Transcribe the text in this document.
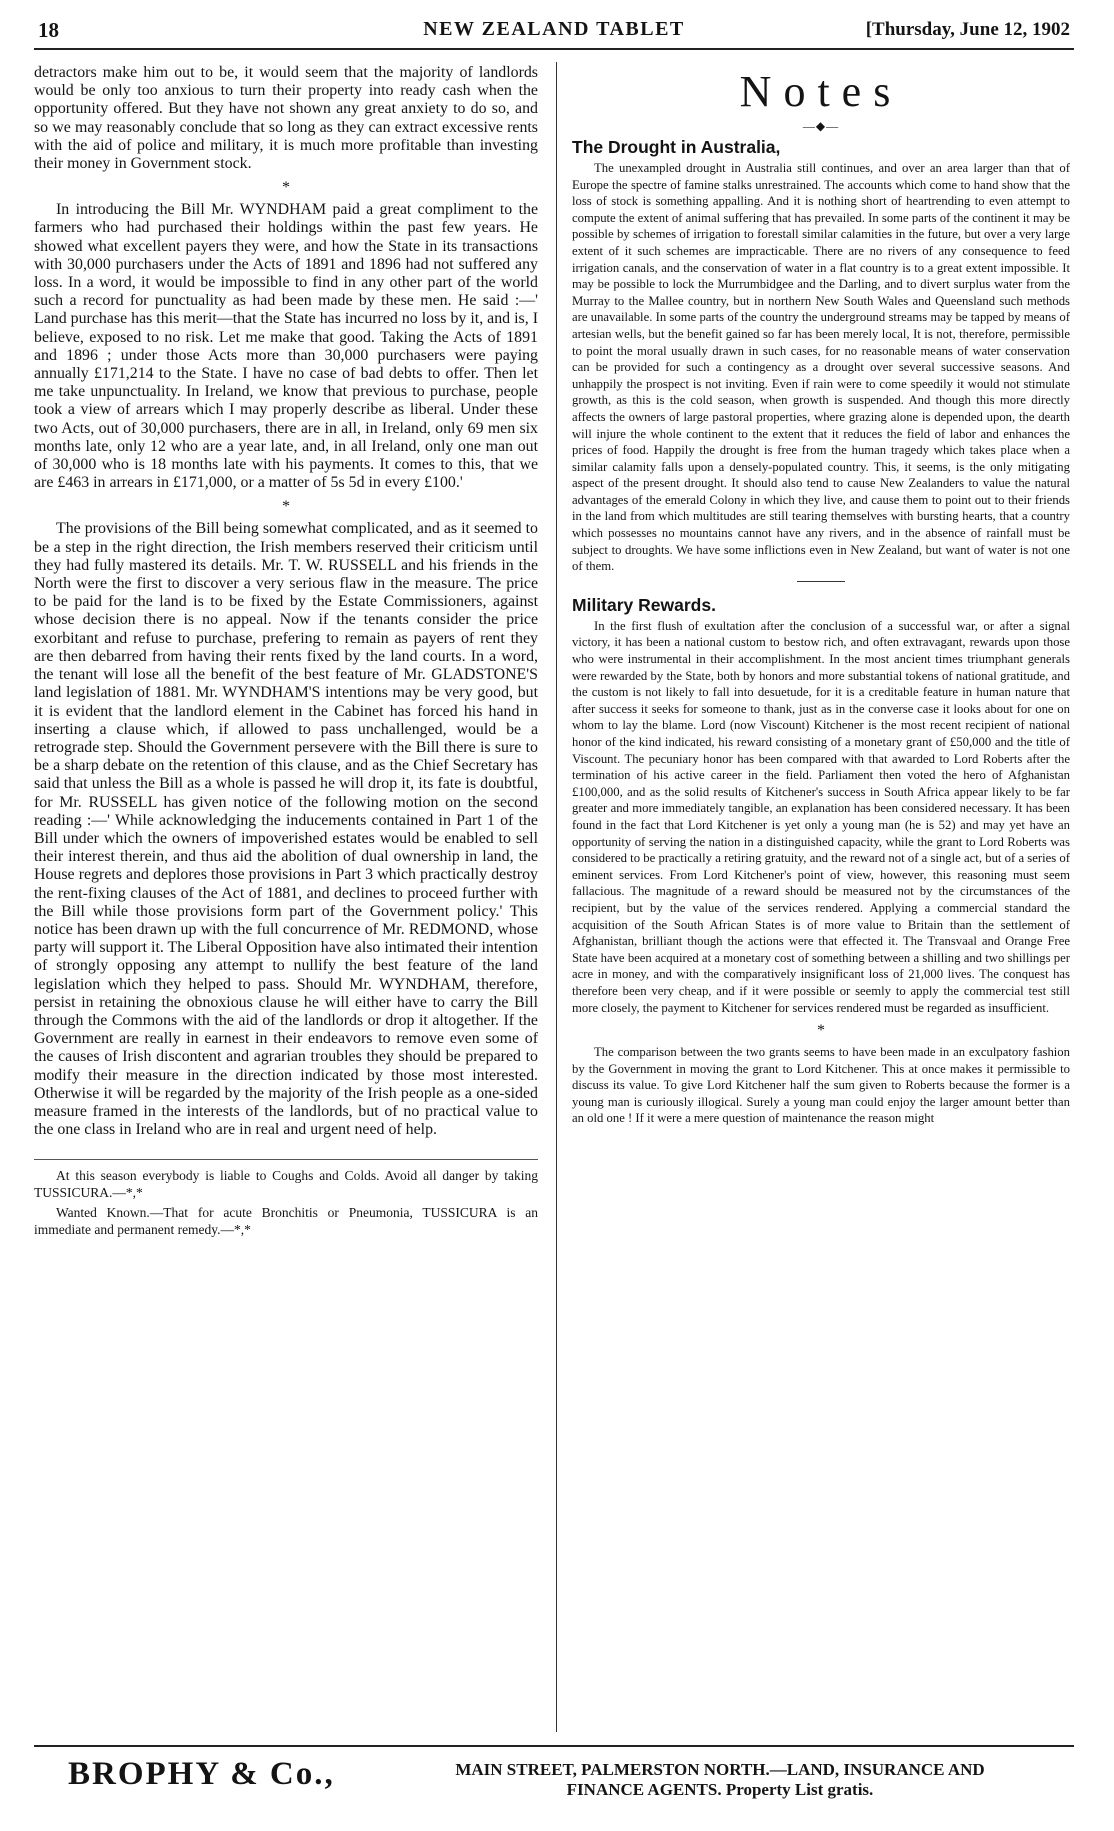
18	NEW ZEALAND TABLET	[Thursday, June 12, 1902

detractors make him out to be, it would seem that the majority of landlords would be only too anxious to turn their property into ready cash when the opportunity offered. But they have not shown any great anxiety to do so, and so we may reasonably conclude that so long as they can extract excessive rents with the aid of police and military, it is much more profitable than investing their money in Government stock.

*

In introducing the Bill Mr. WYNDHAM paid a great compliment to the farmers who had purchased their holdings within the past few years. He showed what excellent payers they were, and how the State in its transactions with 30,000 purchasers under the Acts of 1891 and 1896 had not suffered any loss. In a word, it would be impossible to find in any other part of the world such a record for punctuality as had been made by these men. He said :—' Land purchase has this merit—that the State has incurred no loss by it, and is, I believe, exposed to no risk. Let me make that good. Taking the Acts of 1891 and 1896 ; under those Acts more than 30,000 purchasers were paying annually £171,214 to the State. I have no case of bad debts to offer. Then let me take unpunctuality. In Ireland, we know that previous to purchase, people took a view of arrears which I may properly describe as liberal. Under these two Acts, out of 30,000 purchasers, there are in all, in Ireland, only 69 men six months late, only 12 who are a year late, and, in all Ireland, only one man out of 30,000 who is 18 months late with his payments. It comes to this, that we are £463 in arrears in £171,000, or a matter of 5s 5d in every £100.'

*

The provisions of the Bill being somewhat complicated, and as it seemed to be a step in the right direction, the Irish members reserved their criticism until they had fully mastered its details. Mr. T. W. RUSSELL and his friends in the North were the first to discover a very serious flaw in the measure. The price to be paid for the land is to be fixed by the Estate Commissioners, against whose decision there is no appeal. Now if the tenants consider the price exorbitant and refuse to purchase, prefering to remain as payers of rent they are then debarred from having their rents fixed by the land courts. In a word, the tenant will lose all the benefit of the best feature of Mr. GLADSTONE'S land legislation of 1881. Mr. WYNDHAM'S intentions may be very good, but it is evident that the landlord element in the Cabinet has forced his hand in inserting a clause which, if allowed to pass unchallenged, would be a retrograde step. Should the Government persevere with the Bill there is sure to be a sharp debate on the retention of this clause, and as the Chief Secretary has said that unless the Bill as a whole is passed he will drop it, its fate is doubtful, for Mr. RUSSELL has given notice of the following motion on the second reading :—' While acknowledging the inducements contained in Part 1 of the Bill under which the owners of impoverished estates would be enabled to sell their interest therein, and thus aid the abolition of dual ownership in land, the House regrets and deplores those provisions in Part 3 which practically destroy the rent-fixing clauses of the Act of 1881, and declines to proceed further with the Bill while those provisions form part of the Government policy.' This notice has been drawn up with the full concurrence of Mr. REDMOND, whose party will support it. The Liberal Opposition have also intimated their intention of strongly opposing any attempt to nullify the best feature of the land legislation which they helped to pass. Should Mr. WYNDHAM, therefore, persist in retaining the obnoxious clause he will either have to carry the Bill through the Commons with the aid of the landlords or drop it altogether. If the Government are really in earnest in their endeavors to remove even some of the causes of Irish discontent and agrarian troubles they should be prepared to modify their measure in the direction indicated by those most interested. Otherwise it will be regarded by the majority of the Irish people as a one-sided measure framed in the interests of the landlords, but of no practical value to the one class in Ireland who are in real and urgent need of help.

At this season everybody is liable to Coughs and Colds. Avoid all danger by taking TUSSICURA.—*,*

Wanted Known.—That for acute Bronchitis or Pneumonia, TUSSICURA is an immediate and permanent remedy.—*,*

Notes
—◆—
The Drought in Australia,

The unexampled drought in Australia still continues, and over an area larger than that of Europe the spectre of famine stalks unrestrained. The accounts which come to hand show that the loss of stock is something appalling. And it is nothing short of heartrending to even attempt to compute the extent of animal suffering that has prevailed. In some parts of the continent it may be possible by schemes of irrigation to forestall similar calamities in the future, but over a very large extent of it such schemes are impracticable. There are no rivers of any consequence to feed irrigation canals, and the conservation of water in a flat country is to a great extent impossible. It may be possible to lock the Murrumbidgee and the Darling, and to divert surplus water from the Murray to the Mallee country, but in northern New South Wales and Queensland such methods are unavailable. In some parts of the country the underground streams may be tapped by means of artesian wells, but the benefit gained so far has been merely local, It is not, therefore, permissible to point the moral usually drawn in such cases, for no reasonable means of water conservation can be provided for such a contingency as a drought over several successive seasons. And unhappily the prospect is not inviting. Even if rain were to come speedily it would not stimulate growth, as this is the cold season, when growth is suspended. And though this more directly affects the owners of large pastoral properties, where grazing alone is depended upon, the dearth will injure the whole continent to the extent that it reduces the field of labor and enhances the prices of food. Happily the drought is free from the human tragedy which takes place when a similar calamity falls upon a densely-populated country. This, it seems, is the only mitigating aspect of the present drought. It should also tend to cause New Zealanders to value the natural advantages of the emerald Colony in which they live, and cause them to point out to their friends in the land from which multitudes are still tearing themselves with bursting hearts, that a country which possesses no mountains cannot have any rivers, and in the absence of rainfall must be subject to droughts. We have some inflictions even in New Zealand, but want of water is not one of them.

Military Rewards.

In the first flush of exultation after the conclusion of a successful war, or after a signal victory, it has been a national custom to bestow rich, and often extravagant, rewards upon those who were instrumental in their accomplishment. In the most ancient times triumphant generals were rewarded by the State, both by honors and more substantial tokens of national gratitude, and the custom is not likely to fall into desuetude, for it is a creditable feature in human nature that after success it seeks for someone to thank, just as in the converse case it looks about for one on whom to lay the blame. Lord (now Viscount) Kitchener is the most recent recipient of national honor of the kind indicated, his reward consisting of a monetary grant of £50,000 and the title of Viscount. The pecuniary honor has been compared with that awarded to Lord Roberts after the termination of his active career in the field. Parliament then voted the hero of Afghanistan £100,000, and as the solid results of Kitchener's success in South Africa appear likely to be far greater and more immediately tangible, an explanation has been considered necessary. It has been found in the fact that Lord Kitchener is yet only a young man (he is 52) and may yet have an opportunity of serving the nation in a distinguished capacity, while the grant to Lord Roberts was considered to be practically a retiring gratuity, and the reward not of a single act, but of a series of eminent services. From Lord Kitchener's point of view, however, this reasoning must seem fallacious. The magnitude of a reward should be measured not by the circumstances of the recipient, but by the value of the services rendered. Applying a commercial standard the acquisition of the South African States is of more value to Britain than the settlement of Afghanistan, brilliant though the actions were that effected it. The Transvaal and Orange Free State have been acquired at a monetary cost of something between a shilling and two shillings per acre in money, and with the comparatively insignificant loss of 21,000 lives. The conquest has therefore been very cheap, and if it were possible or seemly to apply the commercial test still more closely, the payment to Kitchener for services rendered must be regarded as insufficient.

*

The comparison between the two grants seems to have been made in an exculpatory fashion by the Government in moving the grant to Lord Kitchener. This at once makes it permissible to discuss its value. To give Lord Kitchener half the sum given to Roberts because the former is a young man is curiously illogical. Surely a young man could enjoy the larger amount better than an old one ! If it were a mere question of maintenance the reason might

BROPHY & Co.,	MAIN STREET, PALMERSTON NORTH.—LAND, INSURANCE AND
FINANCE AGENTS. Property List gratis.
